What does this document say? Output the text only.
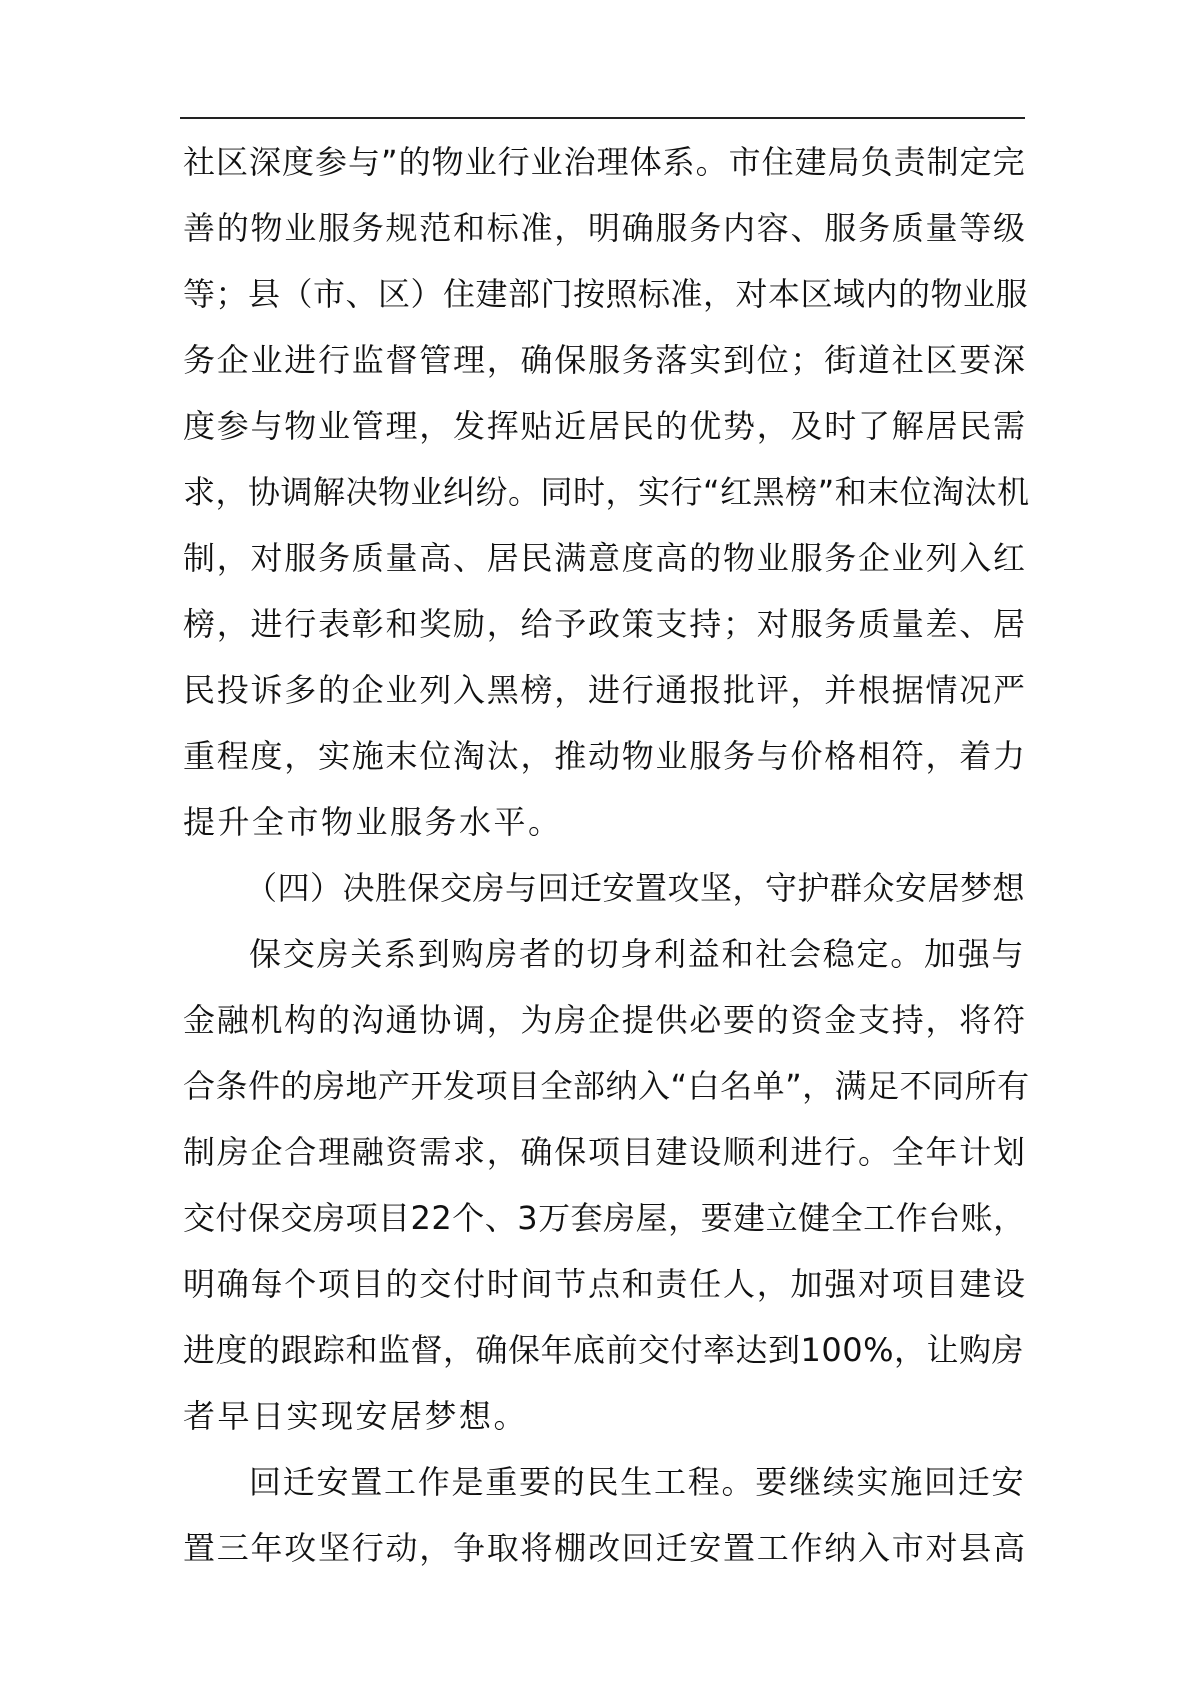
社区深度参与”的物业行业治理体系。市住建局负责制定完
善的物业服务规范和标准，明确服务内容、服务质量等级
等；县（市、区）住建部门按照标准，对本区域内的物业服
务企业进行监督管理，确保服务落实到位；街道社区要深
度参与物业管理，发挥贴近居民的优势，及时了解居民需
求，协调解决物业纠纷。同时，实行“红黑榜”和末位淘汰机
制，对服务质量高、居民满意度高的物业服务企业列入红
榜，进行表彰和奖励，给予政策支持；对服务质量差、居
民投诉多的企业列入黑榜，进行通报批评，并根据情况严
重程度，实施末位淘汰，推动物业服务与价格相符，着力
提升全市物业服务水平。
（四）决胜保交房与回迁安置攻坚，守护群众安居梦想
保交房关系到购房者的切身利益和社会稳定。加强与
金融机构的沟通协调，为房企提供必要的资金支持，将符
合条件的房地产开发项目全部纳入“白名单”，满足不同所有
制房企合理融资需求，确保项目建设顺利进行。全年计划
交付保交房项目22个、3万套房屋，要建立健全工作台账，
明确每个项目的交付时间节点和责任人，加强对项目建设
进度的跟踪和监督，确保年底前交付率达到100%，让购房
者早日实现安居梦想。
回迁安置工作是重要的民生工程。要继续实施回迁安
置三年攻坚行动，争取将棚改回迁安置工作纳入市对县高
